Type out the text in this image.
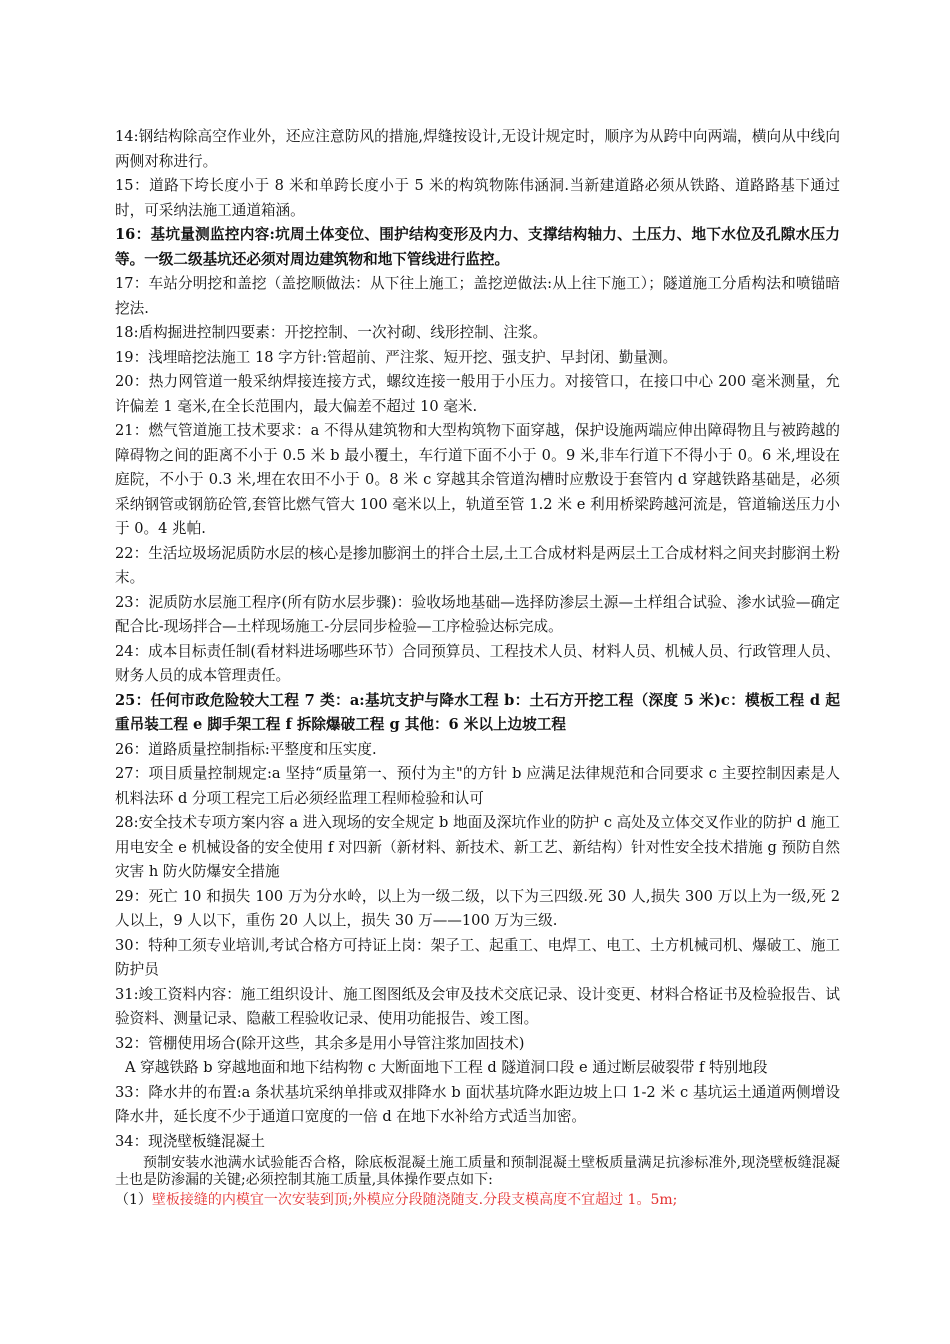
14:钢结构除高空作业外，还应注意防风的措施,焊缝按设计,无设计规定时，顺序为从跨中向两端，横向从中线向两侧对称进行。

15：道路下垮长度小于 8 米和单跨长度小于 5 米的构筑物陈伟涵洞.当新建道路必须从铁路、道路路基下通过时，可采纳法施工通道箱涵。

16：基坑量测监控内容:坑周土体变位、围护结构变形及内力、支撑结构轴力、土压力、地下水位及孔隙水压力等。一级二级基坑还必须对周边建筑物和地下管线进行监控。

17：车站分明挖和盖挖（盖挖顺做法：从下往上施工；盖挖逆做法:从上往下施工）；隧道施工分盾构法和喷锚暗挖法.

18:盾构掘进控制四要素：开挖控制、一次衬砌、线形控制、注浆。

19：浅埋暗挖法施工 18 字方针:管超前、严注浆、短开挖、强支护、早封闭、勤量测。

20：热力网管道一般采纳焊接连接方式，螺纹连接一般用于小压力。对接管口，在接口中心 200 毫米测量，允许偏差 1 毫米,在全长范围内，最大偏差不超过 10 毫米.

21：燃气管道施工技术要求：a 不得从建筑物和大型构筑物下面穿越，保护设施两端应伸出障碍物且与被跨越的障碍物之间的距离不小于 0.5 米 b 最小覆土，车行道下面不小于 0。9 米,非车行道下不得小于 0。6 米,埋设在庭院，不小于 0.3 米,埋在农田不小于 0。8 米 c 穿越其余管道沟槽时应敷设于套管内 d 穿越铁路基础是，必须采纳钢管或钢筋砼管,套管比燃气管大 100 毫米以上，轨道至管 1.2 米 e 利用桥梁跨越河流是，管道输送压力小于 0。4 兆帕.

22：生活垃圾场泥质防水层的核心是掺加膨润土的拌合土层,土工合成材料是两层土工合成材料之间夹封膨润土粉末。

23：泥质防水层施工程序(所有防水层步骤)：验收场地基础—选择防渗层土源—土样组合试验、渗水试验—确定配合比-现场拌合—土样现场施工-分层同步检验—工序检验达标完成。

24：成本目标责任制(看材料进场哪些环节）合同预算员、工程技术人员、材料人员、机械人员、行政管理人员、财务人员的成本管理责任。

25：任何市政危险较大工程 7 类：a:基坑支护与降水工程 b：土石方开挖工程（深度 5 米)c：模板工程 d 起重吊装工程 e 脚手架工程 f 拆除爆破工程 g 其他：6 米以上边坡工程

26：道路质量控制指标:平整度和压实度.

27：项目质量控制规定:a 坚持“质量第一、预付为主"的方针 b 应满足法律规范和合同要求 c 主要控制因素是人机料法环 d 分项工程完工后必须经监理工程师检验和认可

28:安全技术专项方案内容 a 进入现场的安全规定 b 地面及深坑作业的防护 c 高处及立体交叉作业的防护 d 施工用电安全 e 机械设备的安全使用 f 对四新（新材料、新技术、新工艺、新结构）针对性安全技术措施 g 预防自然灾害 h 防火防爆安全措施

29：死亡 10 和损失 100 万为分水岭，以上为一级二级，以下为三四级.死 30 人,损失 300 万以上为一级,死 2 人以上，9 人以下，重伤 20 人以上，损失 30 万——100 万为三级.

30：特种工须专业培训,考试合格方可持证上岗：架子工、起重工、电焊工、电工、土方机械司机、爆破工、施工防护员

31:竣工资料内容：施工组织设计、施工图图纸及会审及技术交底记录、设计变更、材料合格证书及检验报告、试验资料、测量记录、隐蔽工程验收记录、使用功能报告、竣工图。

32：管棚使用场合(除开这些，其余多是用小导管注浆加固技术)

A 穿越铁路 b 穿越地面和地下结构物 c 大断面地下工程 d 隧道洞口段 e 通过断层破裂带 f 特别地段

33：降水井的布置:a 条状基坑采纳单排或双排降水 b 面状基坑降水距边坡上口 1-2 米 c 基坑运土通道两侧增设降水井，延长度不少于通道口宽度的一倍 d 在地下水补给方式适当加密。

34：现浇壁板缝混凝土

预制安装水池满水试验能否合格，除底板混凝土施工质量和预制混凝土壁板质量满足抗渗标准外,现浇壁板缝混凝土也是防渗漏的关键;必须控制其施工质量,具体操作要点如下:

（1）壁板接缝的内模宜一次安装到顶;外模应分段随浇随支.分段支模高度不宜超过 1。5m;
